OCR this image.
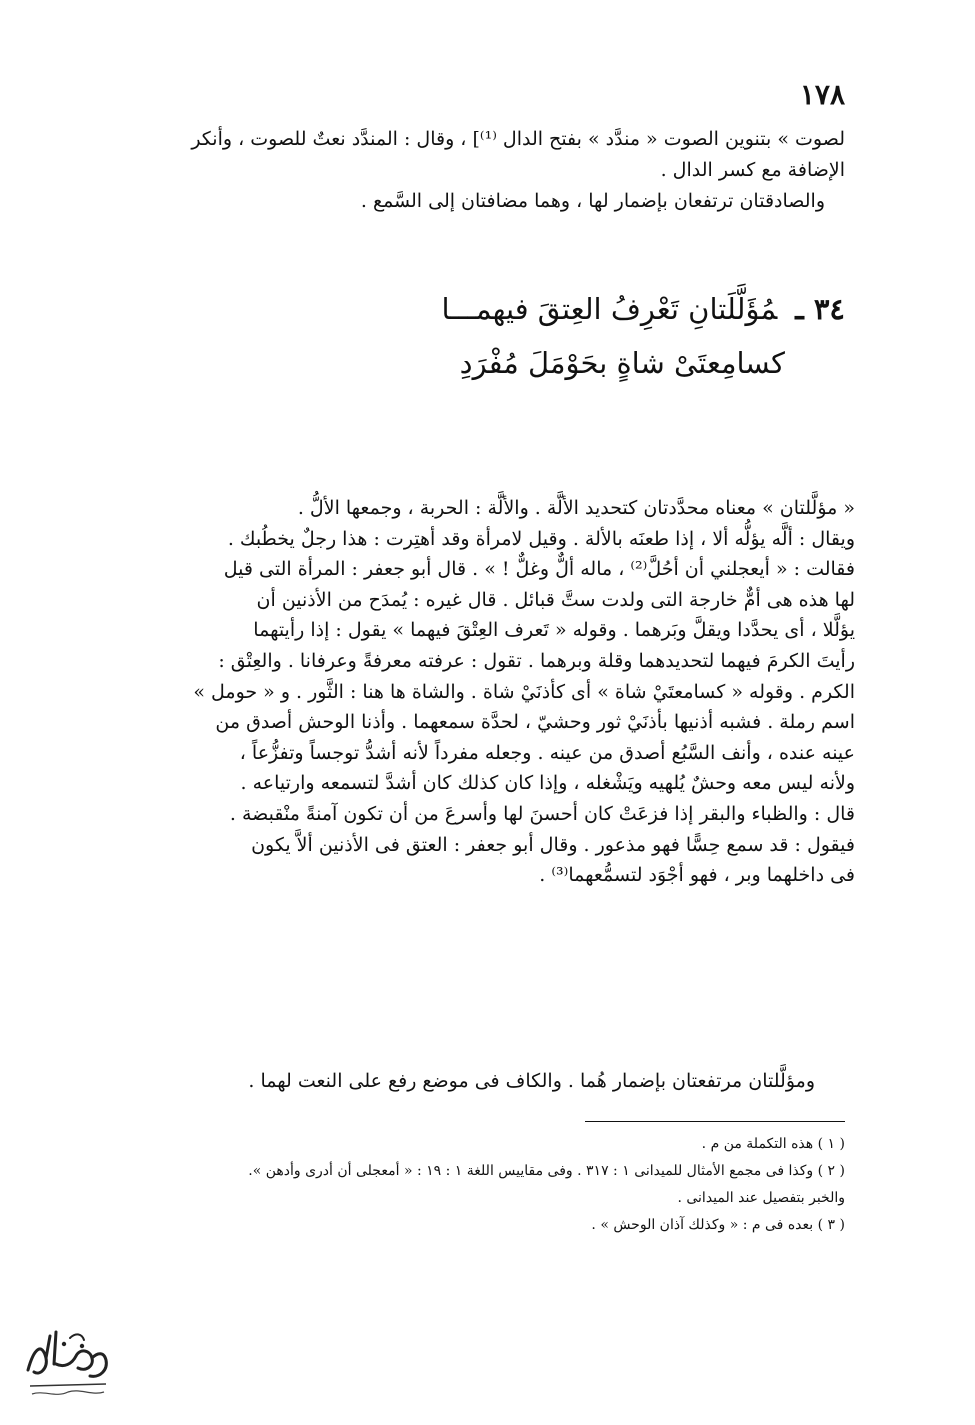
١٧٨

لصوت » بتنوين الصوت « مندَّد » بفتح الدال ⁽¹⁾] ، وقال : المندَّد نعتٌ للصوت ، وأنكر

الإضافة مع كسر الدال .

والصادقتان ترتفعان بإضمار لها ، وهما مضافتان إلى السَّمع .

٣٤ ـمُؤَلَّلَتانِ تَعْرِفُ العِتقَ فيهمـــا
كسامِعتَىْ شاةٍ بحَوْمَلَ مُفْرَدِ

« مؤلَّلتان » معناه محدَّدتان كتحديد الألَّة . والألَّة : الحربة ، وجمعها الألُّ .

ويقال : ألَّه يؤلُّه ألا ، إذا طعنَه بالألة . وقيل لامرأة وقد أهتِرت : هذا رجلٌ يخطُبك .

فقالت : « أيعجلني أن أحُلَّ⁽²⁾ ، ماله ألٌّ وغلٌّ ! » . قال أبو جعفر : المرأة التى قيل

لها هذه هى أمٌّ خارجة التى ولدت ستَّ قبائل . قال غيره : يُمدَح من الأذنين أن

يؤلَّلا ، أى يحدَّدا ويقلَّ وبَرهما . وقوله « تَعرف العِتْقَ فيهما » يقول : إذا رأيتهما

رأيتَ الكرمَ فيهما لتحديدهما وقلة وبرهما . تقول : عرفته معرفةً وعرفانا . والعِتْق :

الكرم . وقوله « كسامعتَيْ شاة » أى كأذنَيْ شاة . والشاة ها هنا : الثَّور . و « حومل »

اسم رملة . فشبه أذنيها بأذنَيْ ثور وحشيّ ، لحدَّة سمعهما . وأذنا الوحش أصدق من

عينه عنده ، وأنف السَّبُع أصدق من عينه . وجعله مفرداً لأنه أشدُّ توجساً وتفزُّعاً ،

ولأنه ليس معه وحشٌ يُلهيه ويَشْغله ، وإذا كان كذلك كان أشدَّ لتسمعه وارتياعه .

قال : والظباء والبقر إذا فزعَتْ كان أحسنَ لها وأسرعَ من أن تكون آمنةً منْقبضة .

فيقول : قد سمع حِسًّا فهو مذعور . وقال أبو جعفر : العتق فى الأذنين ألاَّ يكون

فى داخلهما وبر ، فهو أجْوَد لتسمُّعهما⁽³⁾ .

ومؤلَّلتان مرتفعتان بإضمار هُما . والكاف فى موضع رفع على النعت لهما .

( ١ ) هذه التكملة من م .

( ٢ ) وكذا فى مجمع الأمثال للميدانى ١ : ٣١٧ . وفى مقاييس اللغة ١ : ١٩ : « أمعجلى أن أدرى وأدهن ».

والخبر بتفصيل عند الميدانى .

( ٣ ) بعده فى م : « وكذلك آذان الوحش » .
